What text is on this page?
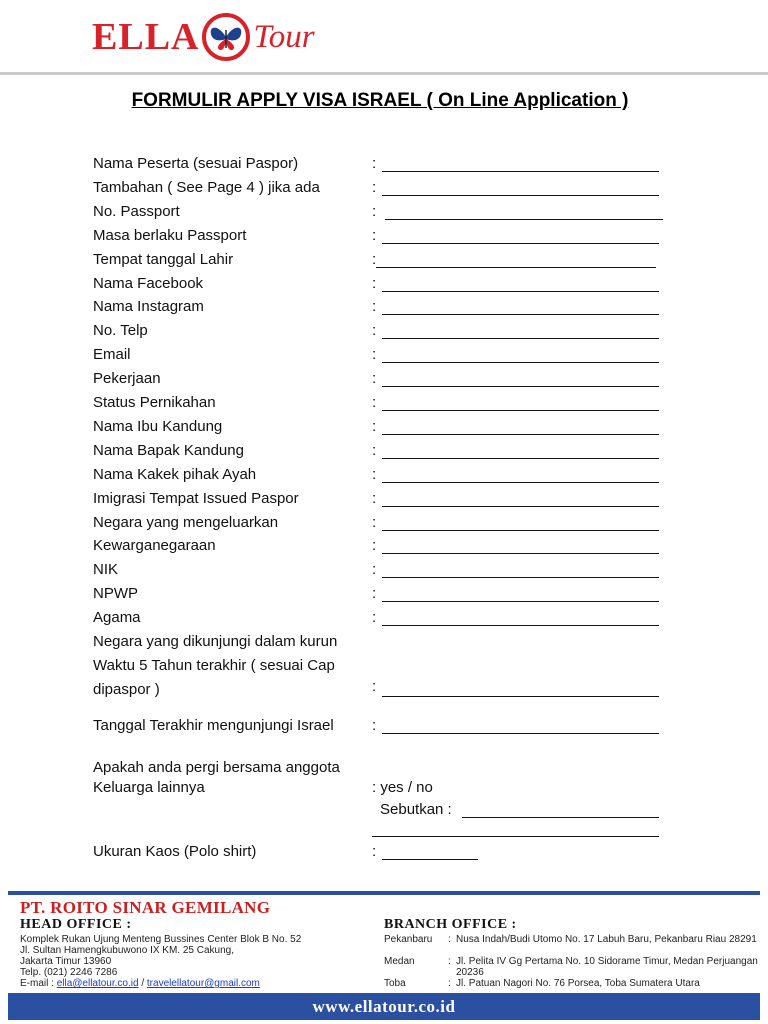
ELLA Tour
FORMULIR APPLY VISA ISRAEL ( On Line Application )
Nama Peserta (sesuai Paspor)	:
Tambahan ( See Page 4 ) jika ada	:
No. Passport	:
Masa berlaku Passport	:
Tempat tanggal Lahir	:
Nama Facebook	:
Nama Instagram	:
No. Telp	:
Email	:
Pekerjaan	:
Status Pernikahan	:
Nama Ibu Kandung	:
Nama Bapak Kandung	:
Nama Kakek pihak Ayah	:
Imigrasi Tempat Issued Paspor	:
Negara yang mengeluarkan	:
Kewarganegaraan	:
NIK	:
NPWP	:
Agama	:
Negara yang dikunjungi dalam kurun Waktu 5 Tahun terakhir ( sesuai Cap dipaspor )	:
Tanggal Terakhir mengunjungi Israel	:
Apakah anda pergi bersama anggota
Keluarga lainnya	: yes / no
Sebutkan :
Ukuran Kaos (Polo shirt)	:
PT. ROITO SINAR GEMILANG
HEAD OFFICE :	BRANCH OFFICE :
Komplek Rukan Ujung Menteng Bussines Center Blok B No. 52
Jl. Sultan Hamengkubuwono IX KM. 25 Cakung,
Jakarta Timur 13960
Telp. (021) 2246 7286
E-mail : ella@ellatour.co.id / travelellatour@gmail.com
Pekanbaru : Nusa Indah/Budi Utomo No. 17 Labuh Baru, Pekanbaru Riau 28291
Medan	: Jl. Pelita IV Gg Pertama No. 10 Sidorame Timur, Medan Perjuangan 20236
Toba	: Jl. Patuan Nagori No. 76 Porsea, Toba Sumatera Utara
www.ellatour.co.id
